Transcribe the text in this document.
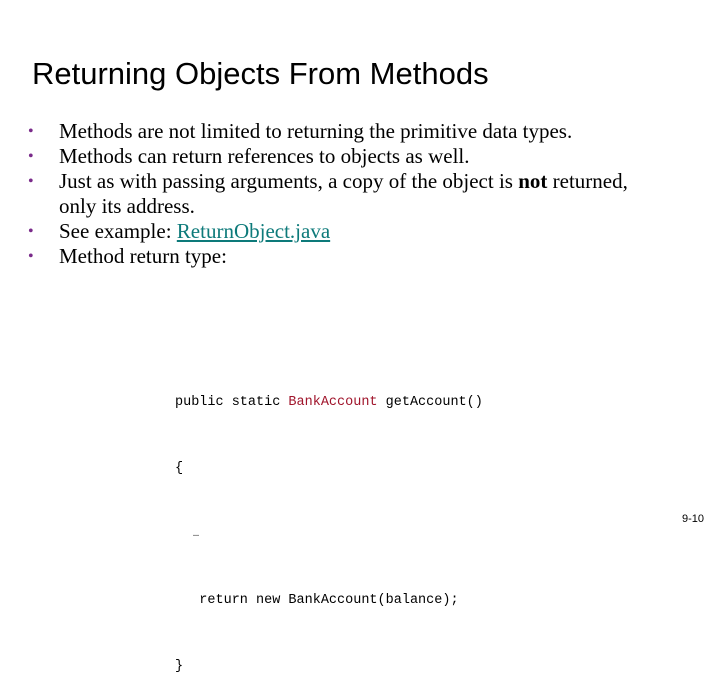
Returning Objects From Methods
• Methods are not limited to returning the primitive data types.
• Methods can return references to objects as well.
• Just as with passing arguments, a copy of the object is not returned, only its address.
• See example: ReturnObject.java
• Method return type:

public static BankAccount getAccount()

{

…

return new BankAccount(balance);

}

9-10
